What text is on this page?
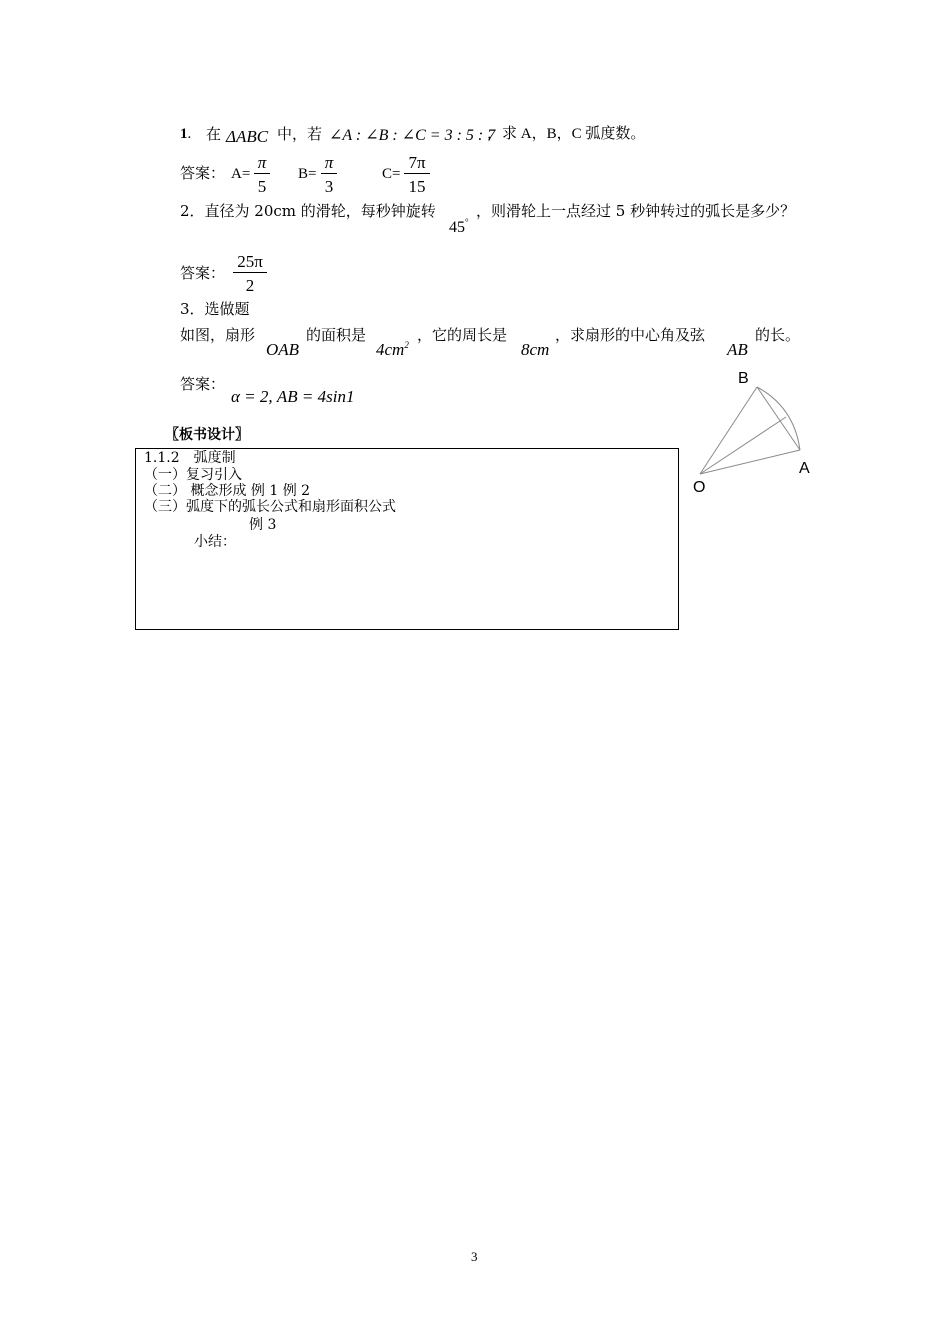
1. 在 ΔABC 中，若 ∠A : ∠B : ∠C = 3 : 5 : 7
，求 A，B，C 弧度数。
答案： A=
π
5
B=
π
3
C=
7π
15
2．直径为 20cm 的滑轮，每秒钟旋转
45°
，则滑轮上一点经过 5 秒钟转过的弧长是多少？
答案：
25π
2
3．选做题
如图，扇形
OAB
的面积是
$4cm^2$
，它的周长是
8cm
，求扇形的中心角及弦
AB
的长。
答案：
α = 2, AB = 4sin1
B
A
O
〖板书设计〗
1.1.2　弧度制
（一）复习引入
（二） 概念形成 例 1 例 2
（三）弧度下的弧长公式和扇形面积公式
例 3
小结：
3
